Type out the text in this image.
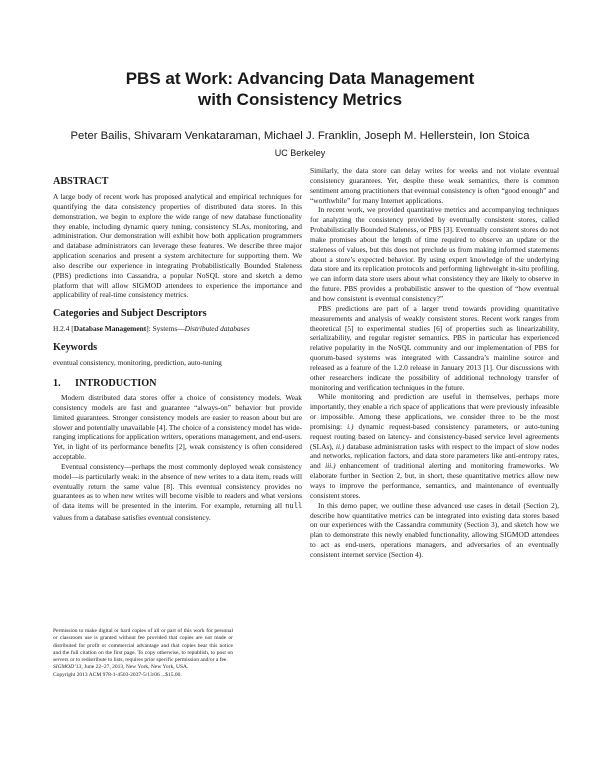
PBS at Work: Advancing Data Management
with Consistency Metrics
Peter Bailis, Shivaram Venkataraman, Michael J. Franklin, Joseph M. Hellerstein, Ion Stoica
UC Berkeley
ABSTRACT

A large body of recent work has proposed analytical and empirical techniques for quantifying the data consistency properties of distributed data stores. In this demonstration, we begin to explore the wide range of new database functionality they enable, including dynamic query tuning, consistency SLAs, monitoring, and administration. Our demonstration will exhibit how both application programmers and database administrators can leverage these features. We describe three major application scenarios and present a system architecture for supporting them. We also describe our experience in integrating Probabilistically Bounded Staleness (PBS) predictions into Cassandra, a popular NoSQL store and sketch a demo platform that will allow SIGMOD attendees to experience the importance and applicability of real-time consistency metrics.

Categories and Subject Descriptors

H.2.4 [Database Management]: Systems—Distributed databases

Keywords

eventual consistency, monitoring, prediction, auto-tuning

1. INTRODUCTION

Modern distributed data stores offer a choice of consistency models. Weak consistency models are fast and guarantee “always-on” behavior but provide limited guarantees. Stronger consistency models are easier to reason about but are slower and potentially unavailable [4]. The choice of a consistency model has wide-ranging implications for application writers, operations management, and end-users. Yet, in light of its performance benefits [2], weak consistency is often considered acceptable.

Eventual consistency—perhaps the most commonly deployed weak consistency model—is particularly weak: in the absence of new writes to a data item, reads will eventually return the same value [8]. This eventual consistency provides no guarantees as to when new writes will become visible to readers and what versions of data items will be presented in the interim. For example, returning all null values from a database satisfies eventual consistency.

Permission to make digital or hard copies of all or part of this work for personal or classroom use is granted without fee provided that copies are not made or distributed for profit or commercial advantage and that copies bear this notice and the full citation on the first page. To copy otherwise, to republish, to post on servers or to redistribute to lists, requires prior specific permission and/or a fee.
SIGMOD’13, June 22–27, 2013, New York, New York, USA.
Copyright 2013 ACM 978-1-4503-2037-5/13/06 ...$15.00.

Similarly, the data store can delay writes for weeks and not violate eventual consistency guarantees. Yet, despite these weak semantics, there is common sentiment among practitioners that eventual consistency is often “good enough” and “worthwhile” for many Internet applications.

In recent work, we provided quantitative metrics and accompanying techniques for analyzing the consistency provided by eventually consistent stores, called Probabilistically Bounded Staleness, or PBS [3]. Eventually consistent stores do not make promises about the length of time required to observe an update or the staleness of values, but this does not preclude us from making informed statements about a store’s expected behavior. By using expert knowledge of the underlying data store and its replication protocols and performing lightweight in-situ profiling, we can inform data store users about what consistency they are likely to observe in the future. PBS provides a probabilistic answer to the question of “how eventual and how consistent is eventual consistency?”

PBS predictions are part of a larger trend towards providing quantitative measurements and analysis of weakly consistent stores. Recent work ranges from theoretical [5] to experimental studies [6] of properties such as linearizability, serializability, and regular register semantics. PBS in particular has experienced relative popularity in the NoSQL community and our implementation of PBS for quorum-based systems was integrated with Cassandra’s mainline source and released as a feature of the 1.2.0 release in January 2013 [1]. Our discussions with other researchers indicate the possibility of additional technology transfer of monitoring and verification techniques in the future.

While monitoring and prediction are useful in themselves, perhaps more importantly, they enable a rich space of applications that were previously infeasible or impossible. Among these applications, we consider three to be the most promising: i.) dynamic request-based consistency parameters, or auto-tuning request routing based on latency- and consistency-based service level agreements (SLAs), ii.) database administration tasks with respect to the impact of slow nodes and networks, replication factors, and data store parameters like anti-entropy rates, and iii.) enhancement of traditional alerting and monitoring frameworks. We elaborate further in Section 2, but, in short, these quantitative metrics allow new ways to improve the performance, semantics, and maintenance of eventually consistent stores.

In this demo paper, we outline these advanced use cases in detail (Section 2), describe how quantitative metrics can be integrated into existing data stores based on our experiences with the Cassandra community (Section 3), and sketch how we plan to demonstrate this newly enabled functionality, allowing SIGMOD attendees to act as end-users, operations managers, and adversaries of an eventually consistent internet service (Section 4).
